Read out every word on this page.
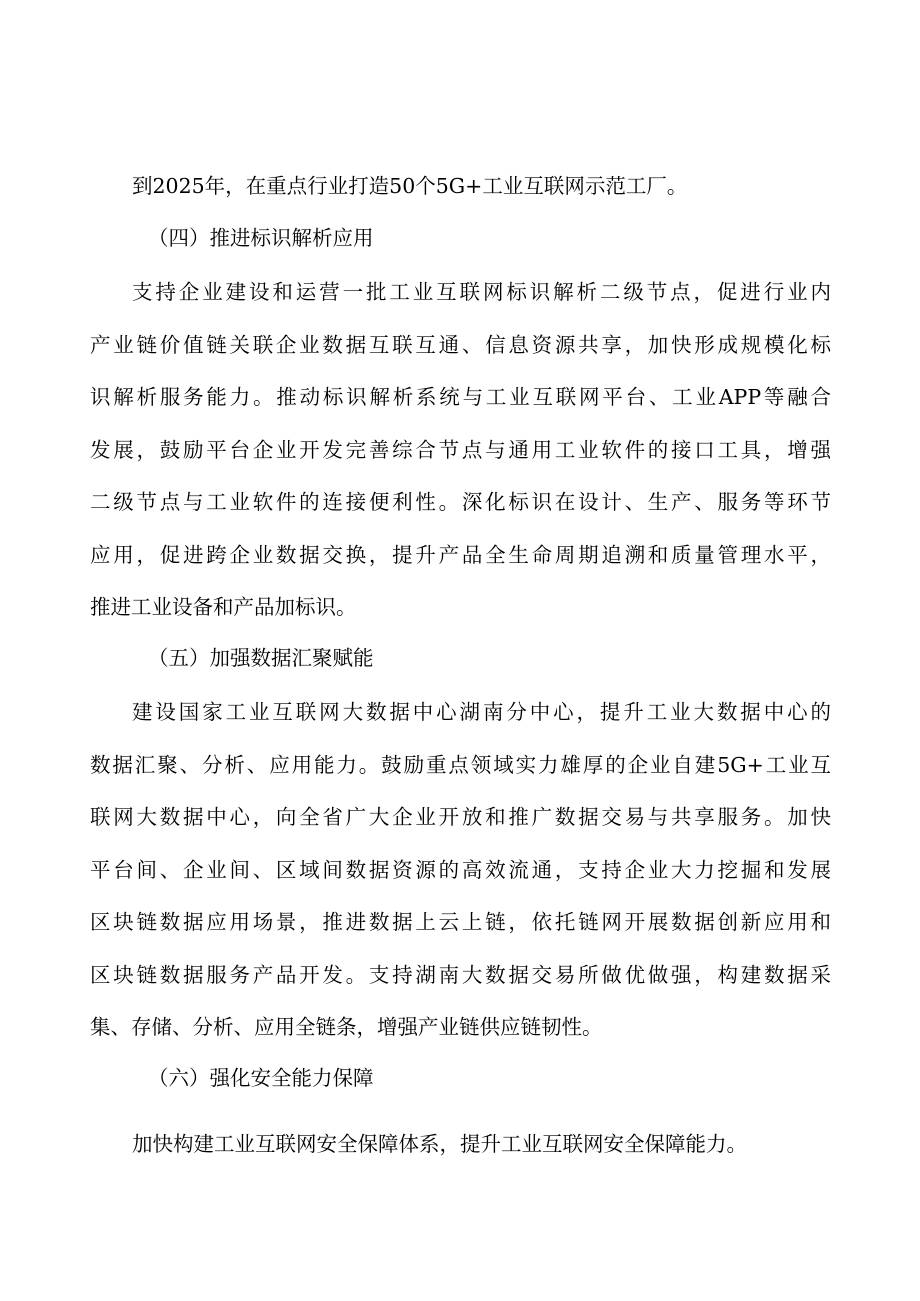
到2025年，在重点行业打造50个5G+工业互联网示范工厂。
（四）推进标识解析应用
支持企业建设和运营一批工业互联网标识解析二级节点，促进行业内
产业链价值链关联企业数据互联互通、信息资源共享，加快形成规模化标
识解析服务能力。推动标识解析系统与工业互联网平台、工业APP等融合
发展，鼓励平台企业开发完善综合节点与通用工业软件的接口工具，增强
二级节点与工业软件的连接便利性。深化标识在设计、生产、服务等环节
应用，促进跨企业数据交换，提升产品全生命周期追溯和质量管理水平，
推进工业设备和产品加标识。
（五）加强数据汇聚赋能
建设国家工业互联网大数据中心湖南分中心，提升工业大数据中心的
数据汇聚、分析、应用能力。鼓励重点领域实力雄厚的企业自建5G+工业互
联网大数据中心，向全省广大企业开放和推广数据交易与共享服务。加快
平台间、企业间、区域间数据资源的高效流通，支持企业大力挖掘和发展
区块链数据应用场景，推进数据上云上链，依托链网开展数据创新应用和
区块链数据服务产品开发。支持湖南大数据交易所做优做强，构建数据采
集、存储、分析、应用全链条，增强产业链供应链韧性。
（六）强化安全能力保障
加快构建工业互联网安全保障体系，提升工业互联网安全保障能力。
